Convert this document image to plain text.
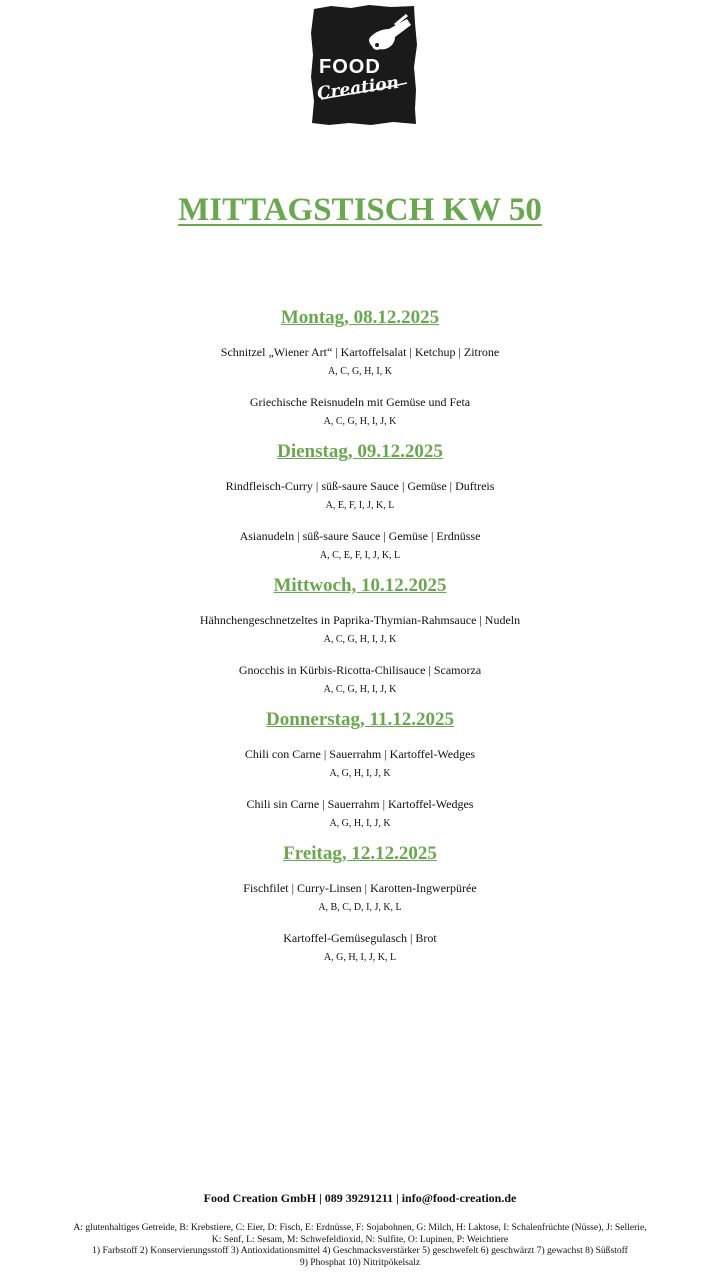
FOOD
Creation
MITTAGSTISCH KW 50
Montag, 08.12.2025
Schnitzel „Wiener Art“ | Kartoffelsalat | Ketchup | Zitrone
A, C, G, H, I, K
Griechische Reisnudeln mit Gemüse und Feta
A, C, G, H, I, J, K
Dienstag, 09.12.2025
Rindfleisch-Curry | süß-saure Sauce | Gemüse | Duftreis
A, E, F, I, J, K, L
Asianudeln | süß-saure Sauce | Gemüse | Erdnüsse
A, C, E, F, I, J, K, L
Mittwoch, 10.12.2025
Hähnchengeschnetzeltes in Paprika-Thymian-Rahmsauce | Nudeln
A, C, G, H, I, J, K
Gnocchis in Kürbis-Ricotta-Chilisauce | Scamorza
A, C, G, H, I, J, K
Donnerstag, 11.12.2025
Chili con Carne | Sauerrahm | Kartoffel-Wedges
A, G, H, I, J, K
Chili sin Carne | Sauerrahm | Kartoffel-Wedges
A, G, H, I, J, K
Freitag, 12.12.2025
Fischfilet | Curry-Linsen | Karotten-Ingwerpürée
A, B, C, D, I, J, K, L
Kartoffel-Gemüsegulasch | Brot
A, G, H, I, J, K, L
Food Creation GmbH | 089 39291211 | info@food-creation.de

A: glutenhaltiges Getreide, B: Krebstiere, C: Eier, D: Fisch, E: Erdnüsse, F: Sojabohnen, G: Milch, H: Laktose, I: Schalenfrüchte (Nüsse), J: Sellerie,

K: Senf, L: Sesam, M: Schwefeldioxid, N: Sulfite, O: Lupinen, P: Weichtiere

1) Farbstoff 2) Konservierungsstoff 3) Antioxidationsmittel 4) Geschmacksverstärker 5) geschwefelt 6) geschwärzt 7) gewachst 8) Süßstoff

9) Phosphat 10) Nitritpökelsalz
